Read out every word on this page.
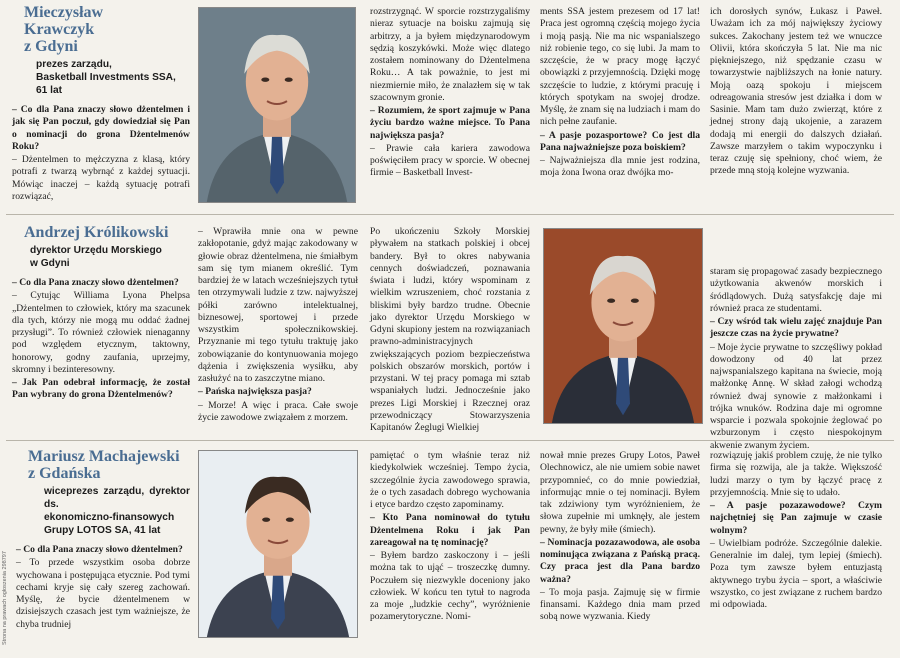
Mieczysław
Krawczyk
z Gdyni
prezes zarządu,
Basketball Investments SSA,
61 lat

– Co dla Pana znaczy słowo dżentelmen i jak się Pan poczuł, gdy dowiedział się Pan o nominacji do grona Dżentelmenów Roku?

– Dżentelmen to mężczyzna z klasą, który potrafi z twarzą wybrnąć z każdej sytuacji. Mówiąc inaczej – każdą sytuację potrafi rozwiązać,

rozstrzygnąć. W sporcie rozstrzygaliśmy nieraz sytuacje na boisku zajmują się arbitrzy, a ja byłem międzynarodowym sędzią koszykówki. Może więc dlatego zostałem nominowany do Dżentelmena Roku… A tak poważnie, to jest mi niezmiernie miło, że znalazłem się w tak szacownym gronie.

– Rozumiem, że sport zajmuje w Pana życiu bardzo ważne miejsce. To Pana największa pasja?

– Prawie cała kariera zawodowa poświęciłem pracy w sporcie. W obecnej firmie – Basketball Invest-

ments SSA jestem prezesem od 17 lat! Praca jest ogromną częścią mojego życia i moją pasją. Nie ma nic wspanialszego niż robienie tego, co się lubi. Ja mam to szczęście, że w pracy mogę łączyć obowiązki z przyjemnością. Dzięki mogę szczęście to ludzie, z którymi pracuję i których spotykam na swojej drodze. Myślę, że znam się na ludziach i mam do nich pełne zaufanie.

– A pasje pozasportowe? Co jest dla Pana najważniejsze poza boiskiem?

– Najważniejsza dla mnie jest rodzina, moja żona Iwona oraz dwójka mo-

ich dorosłych synów, Łukasz i Paweł. Uważam ich za mój największy życiowy sukces. Zakochany jestem też we wnuczce Olivii, która skończyła 5 lat. Nie ma nic piękniejszego, niż spędzanie czasu w towarzystwie najbliższych na łonie natury. Moją oazą spokoju i miejscem odreagowania stresów jest działka i dom w Sasinie. Mam tam dużo zwierząt, które z jednej strony dają ukojenie, a zarazem dodają mi energii do dalszych działań. Zawsze marzyłem o takim wypoczynku i teraz czuję się spełniony, choć wiem, że przede mną stoją kolejne wyzwania.

Andrzej Królikowski
dyrektor Urzędu Morskiego
w Gdyni

– Co dla Pana znaczy słowo dżentelmen?

– Cytując Williama Lyona Phelpsa „Dżentelmen to człowiek, który ma szacunek dla tych, którzy nie mogą mu oddać żadnej przysługi”. To również człowiek nienaganny pod względem etycznym, taktowny, honorowy, godny zaufania, uprzejmy, skromny i bezinteresowny.

– Jak Pan odebrał informację, że został Pan wybrany do grona Dżentelmenów?

– Wprawiła mnie ona w pewne zakłopotanie, gdyż mając zakodowany w głowie obraz dżentelmena, nie śmiałbym sam się tym mianem określić. Tym bardziej że w latach wcześniejszych tytuł ten otrzymywali ludzie z tzw. najwyższej półki zarówno intelektualnej, biznesowej, sportowej i przede wszystkim społecznikowskiej. Przyznanie mi tego tytułu traktuję jako zobowiązanie do kontynuowania mojego dążenia i zwiększenia wysiłku, aby zasłużyć na to zaszczytne miano.

– Pańska największa pasja?

– Morze! A więc i praca. Całe swoje życie zawodowe związałem z morzem.

Po ukończeniu Szkoły Morskiej pływałem na statkach polskiej i obcej bandery. Był to okres nabywania cennych doświadczeń, poznawania świata i ludzi, który wspominam z wielkim wzruszeniem, choć rozstania z bliskimi były bardzo trudne. Obecnie jako dyrektor Urzędu Morskiego w Gdyni skupiony jestem na rozwiązaniach prawno-administracyjnych zwiększających poziom bezpieczeństwa polskich obszarów morskich, portów i przystani. W tej pracy pomaga mi sztab wspaniałych ludzi. Jednocześnie jako prezes Ligi Morskiej i Rzecznej oraz przewodniczący Stowarzyszenia Kapitanów Żeglugi Wielkiej

staram się propagować zasady bezpiecznego użytkowania akwenów morskich i śródlądowych. Dużą satysfakcję daje mi również praca ze studentami.

– Czy wśród tak wielu zajęć znajduje Pan jeszcze czas na życie prywatne?

– Moje życie prywatne to szczęśliwy pokład dowodzony od 40 lat przez najwspanialszego kapitana na świecie, moją małżonkę Annę. W skład załogi wchodzą również dwaj synowie z małżonkami i trójka wnuków. Rodzina daje mi ogromne wsparcie i pozwala spokojnie żeglować po wzburzonym i często niespokojnym akwenie zwanym życiem.

Mariusz Machajewski
z Gdańska
wiceprezes zarządu, dyrektor ds.
ekonomiczno-finansowych
Grupy LOTOS SA, 41 lat

– Co dla Pana znaczy słowo dżentelmen?

– To przede wszystkim osoba dobrze wychowana i postępująca etycznie. Pod tymi cechami kryje się cały szereg zachowań. Myślę, że bycie dżentelmenem w dzisiejszych czasach jest tym ważniejsze, że chyba trudniej

pamiętać o tym właśnie teraz niż kiedykolwiek wcześniej. Tempo życia, szczególnie życia zawodowego sprawia, że o tych zasadach dobrego wychowania i etyce bardzo często zapominamy.

– Kto Pana nominował do tytułu Dżentelmena Roku i jak Pan zareagował na tę nominację?

– Byłem bardzo zaskoczony i – jeśli można tak to ująć – troszeczkę dumny. Poczułem się niezwykle doceniony jako człowiek. W końcu ten tytuł to nagroda za moje „ludzkie cechy”, wyróżnienie pozamerytoryczne. Nomi-

nował mnie prezes Grupy Lotos, Paweł Olechnowicz, ale nie umiem sobie nawet przypomnieć, co do mnie powiedział, informując mnie o tej nominacji. Byłem tak zdziwiony tym wyróżnieniem, że słowa zupełnie mi umknęły, ale jestem pewny, że były miłe (śmiech).

– Nominacja pozazawodowa, ale osoba nominująca związana z Pańską pracą. Czy praca jest dla Pana bardzo ważna?

– To moja pasja. Zajmuję się w firmie finansami. Każdego dnia mam przed sobą nowe wyzwania. Kiedy

rozwiązuję jakiś problem czuję, że nie tylko firma się rozwija, ale ja także. Większość ludzi marzy o tym by łączyć pracę z przyjemnością. Mnie się to udało.

– A pasje pozazawodowe? Czym najchętniej się Pan zajmuje w czasie wolnym?

– Uwielbiam podróże. Szczególnie dalekie. Generalnie im dalej, tym lepiej (śmiech). Poza tym zawsze byłem entuzjastą aktywnego trybu życia – sport, a właściwie wszystko, co jest związane z ruchem bardzo mi odpowiada.

Strona na prawach ogłoszenia 298797
